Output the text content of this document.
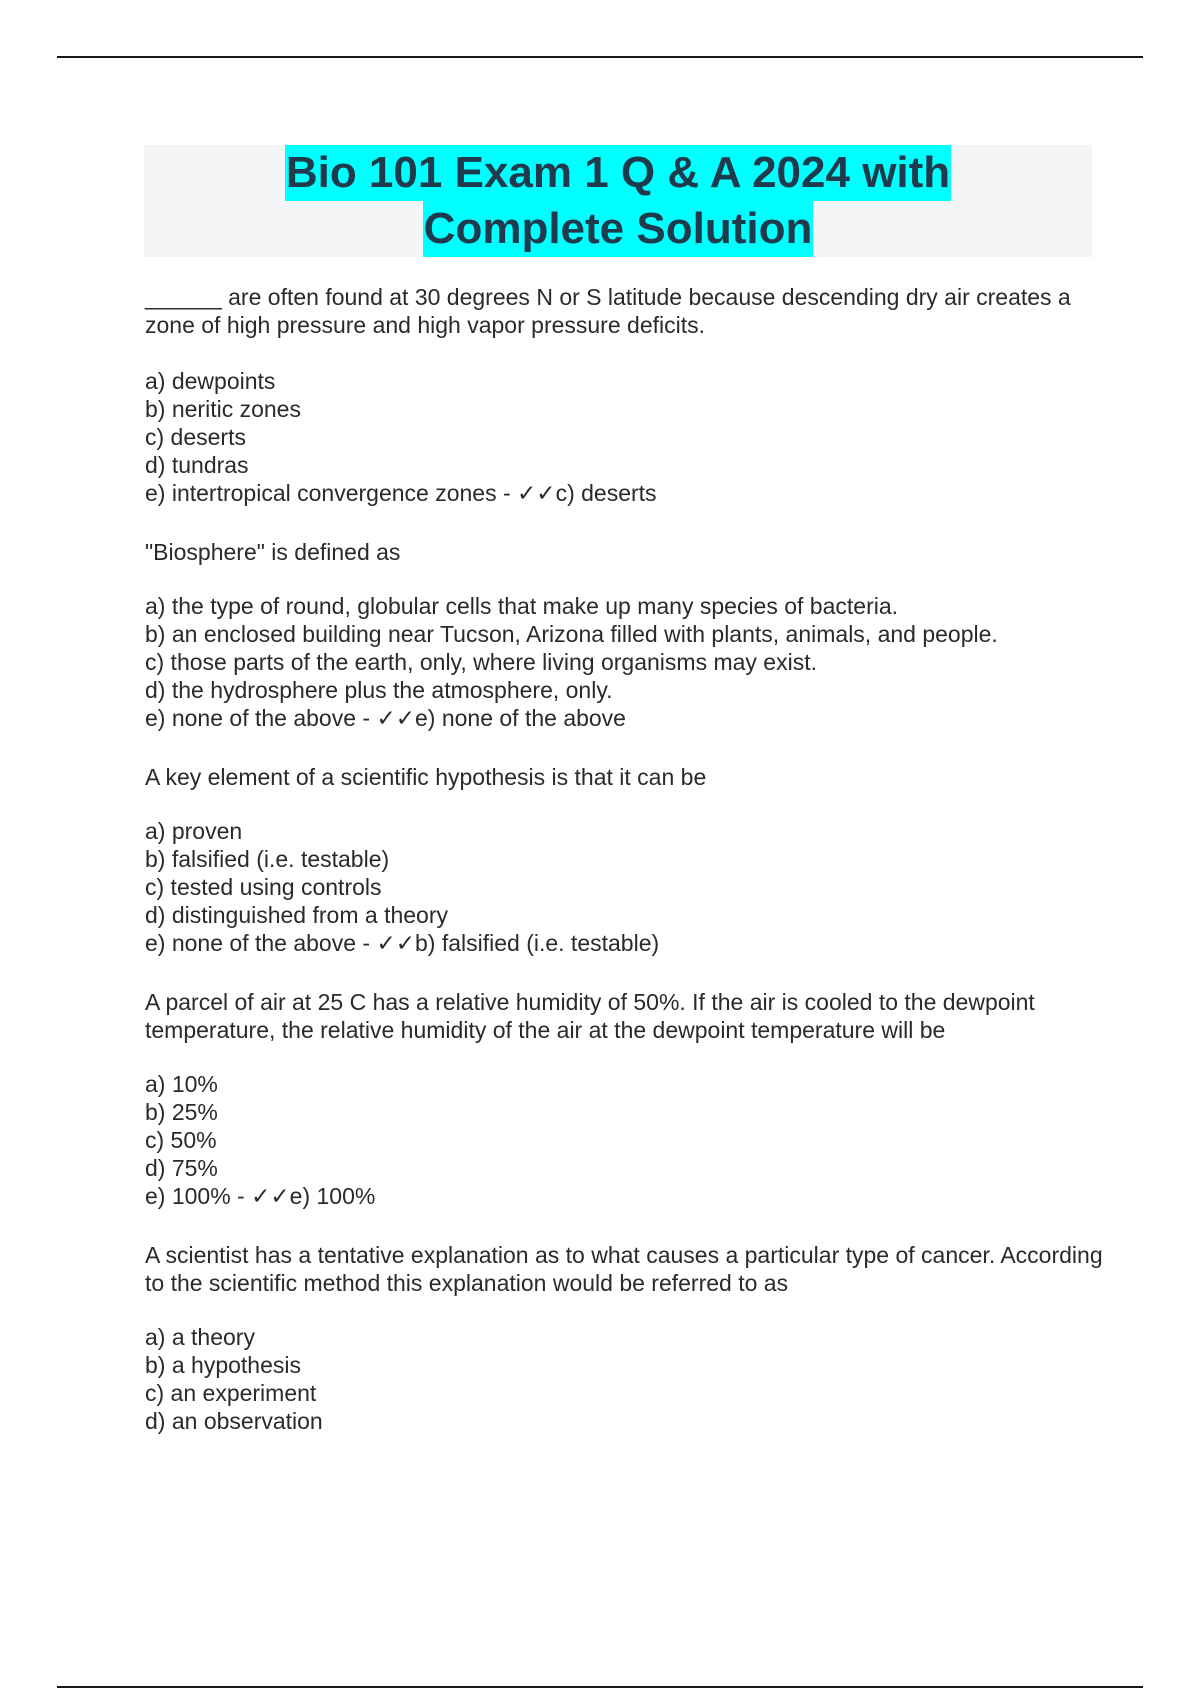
Bio 101 Exam 1 Q & A 2024 with
Complete Solution

______ are often found at 30 degrees N or S latitude because descending dry air creates a zone of high pressure and high vapor pressure deficits.

a) dewpoints
b) neritic zones
c) deserts
d) tundras
e) intertropical convergence zones - ✓✓c) deserts

"Biosphere" is defined as

a) the type of round, globular cells that make up many species of bacteria.
b) an enclosed building near Tucson, Arizona filled with plants, animals, and people.
c) those parts of the earth, only, where living organisms may exist.
d) the hydrosphere plus the atmosphere, only.
e) none of the above - ✓✓e) none of the above

A key element of a scientific hypothesis is that it can be

a) proven
b) falsified (i.e. testable)
c) tested using controls
d) distinguished from a theory
e) none of the above - ✓✓b) falsified (i.e. testable)

A parcel of air at 25 C has a relative humidity of 50%. If the air is cooled to the dewpoint temperature, the relative humidity of the air at the dewpoint temperature will be

a) 10%
b) 25%
c) 50%
d) 75%
e) 100% - ✓✓e) 100%

A scientist has a tentative explanation as to what causes a particular type of cancer. According to the scientific method this explanation would be referred to as

a) a theory
b) a hypothesis
c) an experiment
d) an observation
